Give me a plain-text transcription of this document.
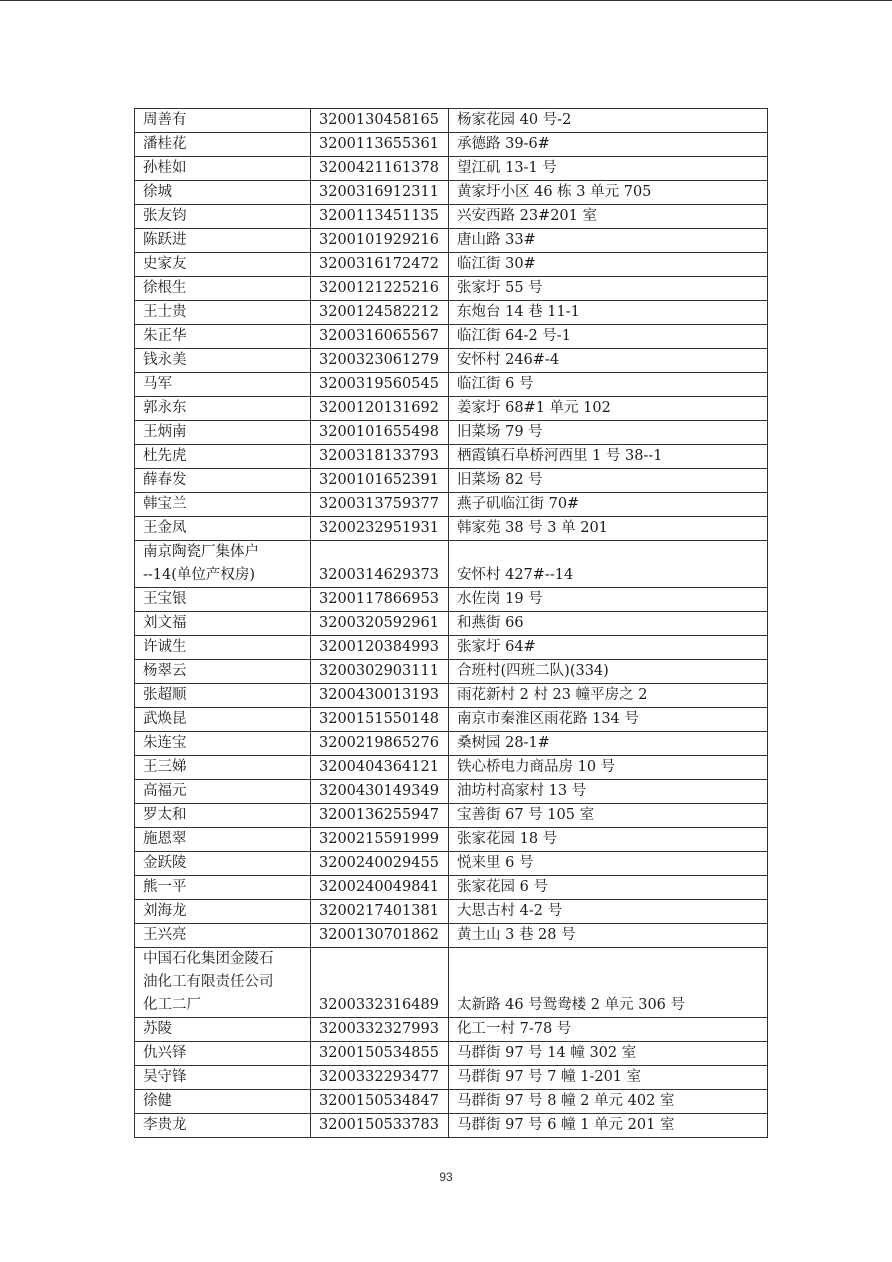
周善有	3200130458165	杨家花园 40 号-2
潘桂花	3200113655361	承德路 39-6#
孙桂如	3200421161378	望江矶 13-1 号
徐城	3200316912311	黄家圩小区 46 栋 3 单元 705
张友钧	3200113451135	兴安西路 23#201 室
陈跃进	3200101929216	唐山路 33#
史家友	3200316172472	临江街 30#
徐根生	3200121225216	张家圩 55 号
王士贵	3200124582212	东炮台 14 巷 11-1
朱正华	3200316065567	临江街 64-2 号-1
钱永美	3200323061279	安怀村 246#-4
马军	3200319560545	临江街 6 号
郭永东	3200120131692	姜家圩 68#1 单元 102
王炳南	3200101655498	旧菜场 79 号
杜先虎	3200318133793	栖霞镇石阜桥河西里 1 号 38--1
薛春发	3200101652391	旧菜场 82 号
韩宝兰	3200313759377	燕子矶临江街 70#
王金凤	3200232951931	韩家苑 38 号 3 单 201
南京陶瓷厂集体户
--14(单位产权房)	3200314629373	安怀村 427#--14
王宝银	3200117866953	水佐岗 19 号
刘文福	3200320592961	和燕街 66
许诚生	3200120384993	张家圩 64#
杨翠云	3200302903111	合班村(四班二队)(334)
张超顺	3200430013193	雨花新村 2 村 23 幢平房之 2
武焕昆	3200151550148	南京市秦淮区雨花路 134 号
朱连宝	3200219865276	桑树园 28-1#
王三娣	3200404364121	铁心桥电力商品房 10 号
高福元	3200430149349	油坊村高家村 13 号
罗太和	3200136255947	宝善街 67 号 105 室
施恩翠	3200215591999	张家花园 18 号
金跃陵	3200240029455	悦来里 6 号
熊一平	3200240049841	张家花园 6 号
刘海龙	3200217401381	大思古村 4-2 号
王兴亮	3200130701862	黄土山 3 巷 28 号
中国石化集团金陵石
油化工有限责任公司
化工二厂	3200332316489	太新路 46 号鸳鸯楼 2 单元 306 号
苏陵	3200332327993	化工一村 7-78 号
仇兴铎	3200150534855	马群街 97 号 14 幢 302 室
吴守锋	3200332293477	马群街 97 号 7 幢 1-201 室
徐健	3200150534847	马群街 97 号 8 幢 2 单元 402 室
李贵龙	3200150533783	马群街 97 号 6 幢 1 单元 201 室
93
